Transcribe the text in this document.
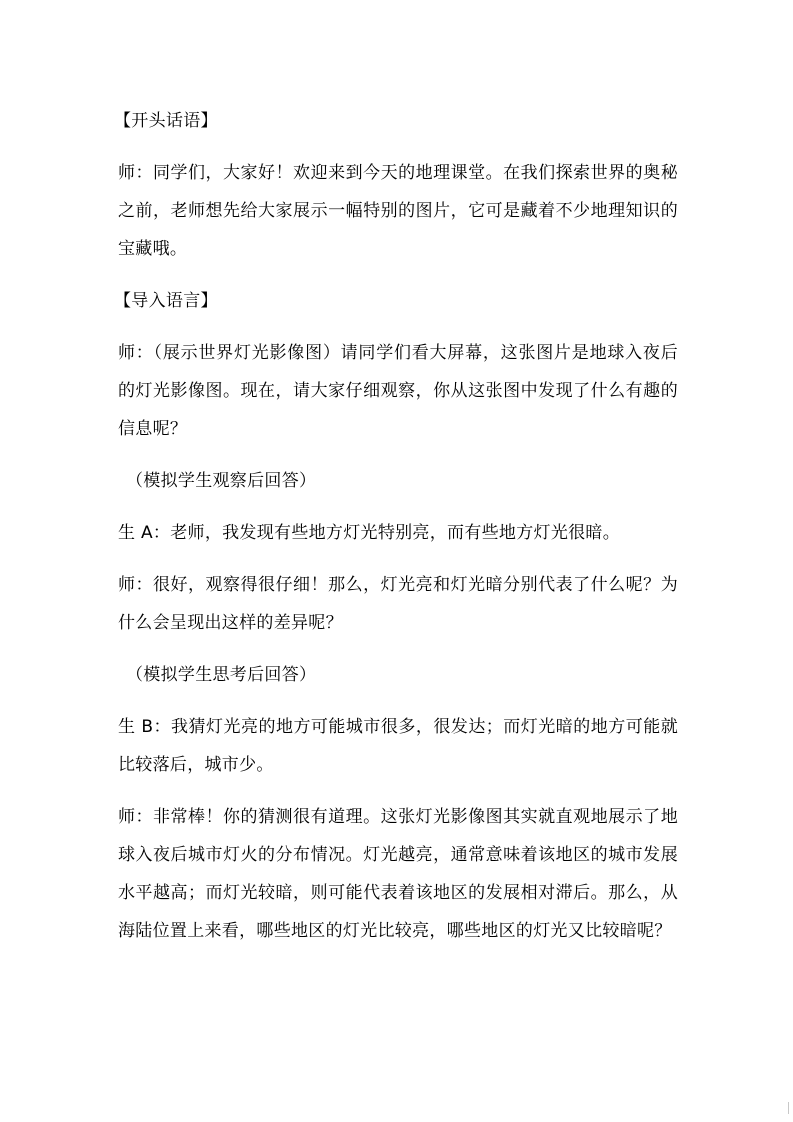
【开头话语】

师：同学们，大家好！欢迎来到今天的地理课堂。在我们探索世界的奥秘之前，老师想先给大家展示一幅特别的图片，它可是藏着不少地理知识的宝藏哦。

【导入语言】

师：（展示世界灯光影像图）请同学们看大屏幕，这张图片是地球入夜后的灯光影像图。现在，请大家仔细观察，你从这张图中发现了什么有趣的信息呢？

（模拟学生观察后回答）

生 A：老师，我发现有些地方灯光特别亮，而有些地方灯光很暗。

师：很好，观察得很仔细！那么，灯光亮和灯光暗分别代表了什么呢？为什么会呈现出这样的差异呢？

（模拟学生思考后回答）

生 B：我猜灯光亮的地方可能城市很多，很发达；而灯光暗的地方可能就比较落后，城市少。

师：非常棒！你的猜测很有道理。这张灯光影像图其实就直观地展示了地球入夜后城市灯火的分布情况。灯光越亮，通常意味着该地区的城市发展水平越高；而灯光较暗，则可能代表着该地区的发展相对滞后。那么，从海陆位置上来看，哪些地区的灯光比较亮，哪些地区的灯光又比较暗呢？
